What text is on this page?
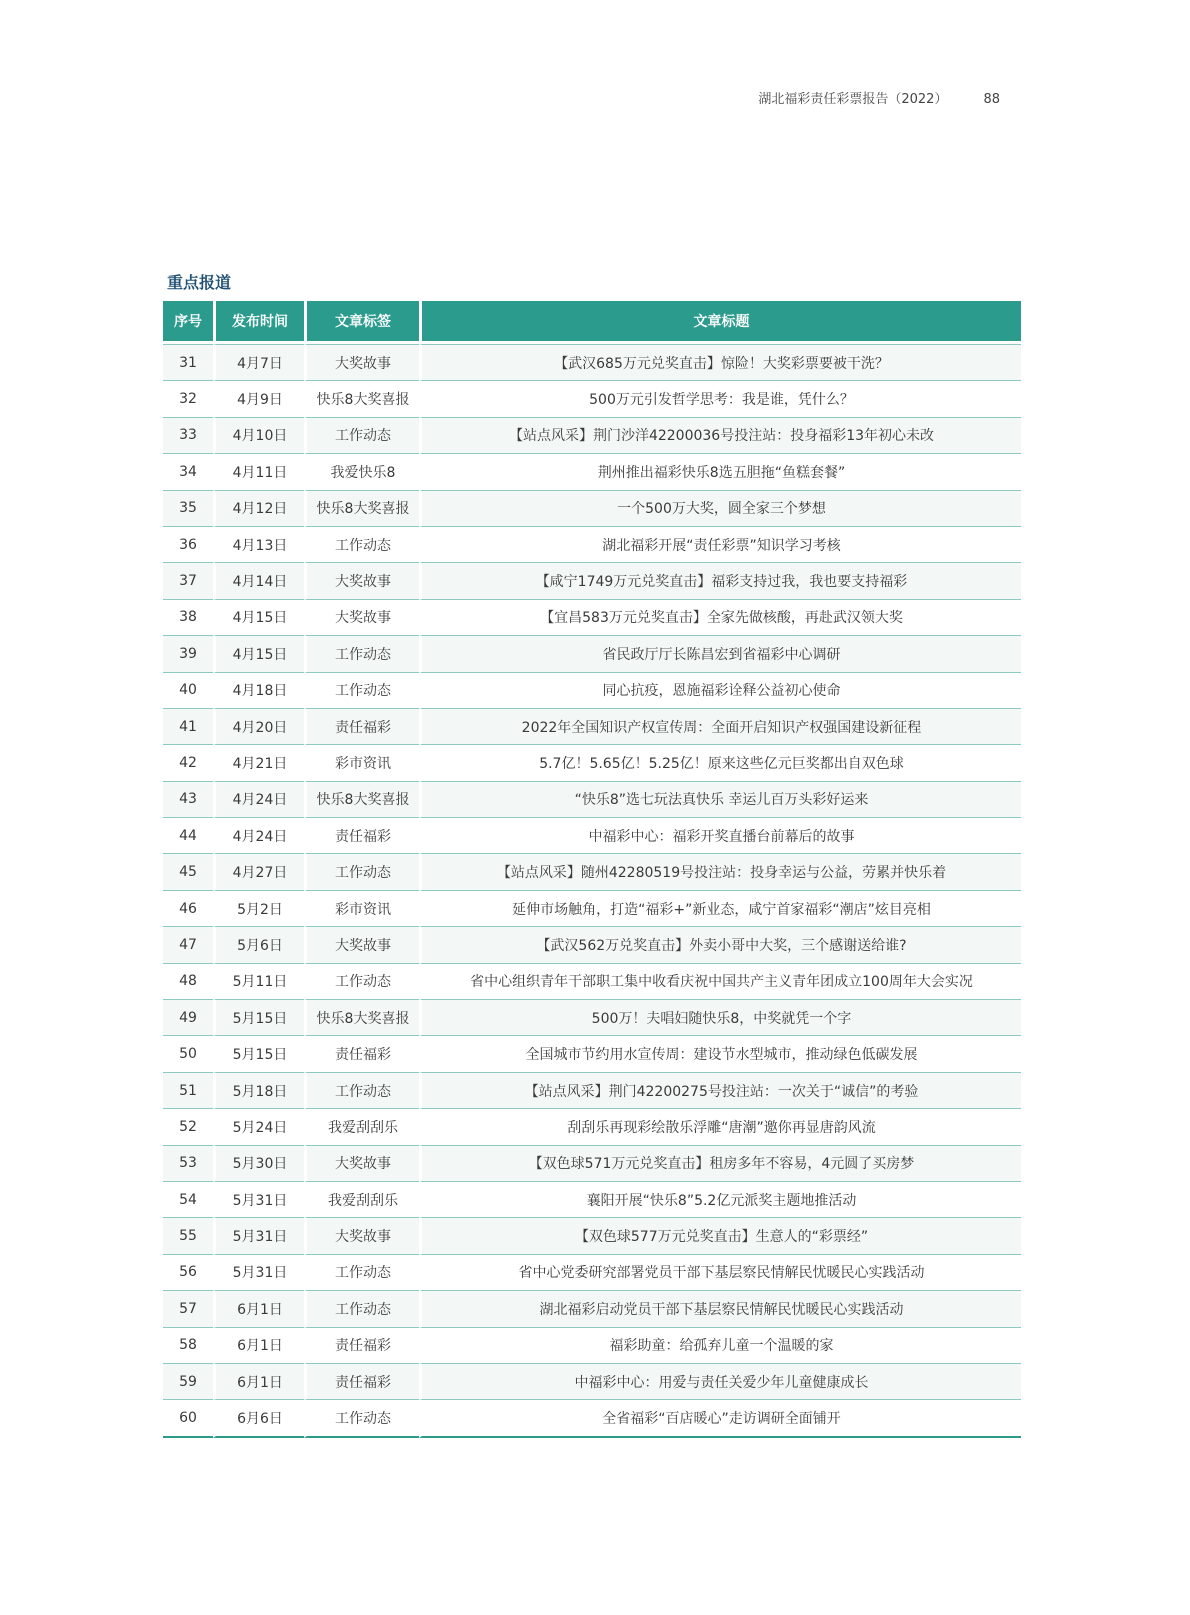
湖北福彩责任彩票报告（2022）	88
重点报道
序号	发布时间	文章标签	文章标题
31	4月7日	大奖故事	【武汉685万元兑奖直击】惊险！大奖彩票要被干洗？
32	4月9日	快乐8大奖喜报	500万元引发哲学思考：我是谁，凭什么？
33	4月10日	工作动态	【站点风采】荆门沙洋42200036号投注站：投身福彩13年初心未改
34	4月11日	我爱快乐8	荆州推出福彩快乐8选五胆拖“鱼糕套餐”
35	4月12日	快乐8大奖喜报	一个500万大奖，圆全家三个梦想
36	4月13日	工作动态	湖北福彩开展“责任彩票”知识学习考核
37	4月14日	大奖故事	【咸宁1749万元兑奖直击】福彩支持过我，我也要支持福彩
38	4月15日	大奖故事	【宜昌583万元兑奖直击】全家先做核酸，再赴武汉领大奖
39	4月15日	工作动态	省民政厅厅长陈昌宏到省福彩中心调研
40	4月18日	工作动态	同心抗疫，恩施福彩诠释公益初心使命
41	4月20日	责任福彩	2022年全国知识产权宣传周：全面开启知识产权强国建设新征程
42	4月21日	彩市资讯	5.7亿！5.65亿！5.25亿！原来这些亿元巨奖都出自双色球
43	4月24日	快乐8大奖喜报	“快乐8”选七玩法真快乐 幸运儿百万头彩好运来
44	4月24日	责任福彩	中福彩中心：福彩开奖直播台前幕后的故事
45	4月27日	工作动态	【站点风采】随州42280519号投注站：投身幸运与公益，劳累并快乐着
46	5月2日	彩市资讯	延伸市场触角，打造“福彩+”新业态，咸宁首家福彩“潮店”炫目亮相
47	5月6日	大奖故事	【武汉562万兑奖直击】外卖小哥中大奖，三个感谢送给谁?
48	5月11日	工作动态	省中心组织青年干部职工集中收看庆祝中国共产主义青年团成立100周年大会实况
49	5月15日	快乐8大奖喜报	500万！夫唱妇随快乐8，中奖就凭一个字
50	5月15日	责任福彩	全国城市节约用水宣传周：建设节水型城市，推动绿色低碳发展
51	5月18日	工作动态	【站点风采】荆门42200275号投注站：一次关于“诚信”的考验
52	5月24日	我爱刮刮乐	刮刮乐再现彩绘散乐浮雕“唐潮”邀你再显唐韵风流
53	5月30日	大奖故事	【双色球571万元兑奖直击】租房多年不容易，4元圆了买房梦
54	5月31日	我爱刮刮乐	襄阳开展“快乐8”5.2亿元派奖主题地推活动
55	5月31日	大奖故事	【双色球577万元兑奖直击】生意人的“彩票经”
56	5月31日	工作动态	省中心党委研究部署党员干部下基层察民情解民忧暖民心实践活动
57	6月1日	工作动态	湖北福彩启动党员干部下基层察民情解民忧暖民心实践活动
58	6月1日	责任福彩	福彩助童：给孤弃儿童一个温暖的家
59	6月1日	责任福彩	中福彩中心：用爱与责任关爱少年儿童健康成长
60	6月6日	工作动态	全省福彩“百店暖心”走访调研全面铺开
